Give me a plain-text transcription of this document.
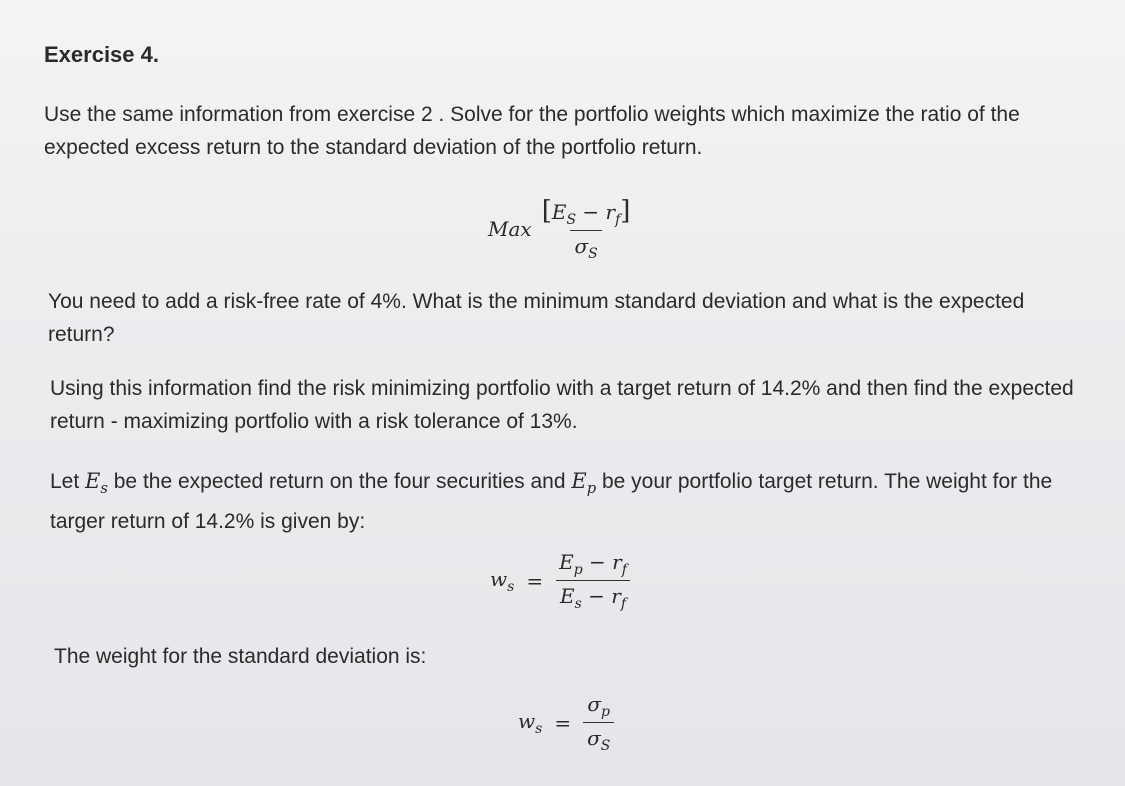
Exercise 4.

Use the same information from exercise 2 . Solve for the portfolio weights which maximize the ratio of the expected excess return to the standard deviation of the portfolio return.

Max $\frac{[E_S - r_f]}{\sigma_S}$

You need to add a risk-free rate of 4%. What is the minimum standard deviation and what is the expected return?

Using this information find the risk minimizing portfolio with a target return of 14.2% and then find the expected return - maximizing portfolio with a risk tolerance of 13%.

Let $E_s$ be the expected return on the four securities and $E_p$ be your portfolio target return. The weight for the targer return of 14.2% is given by:

$w_s = \frac{E_p - r_f}{E_s - r_f}$

The weight for the standard deviation is:

$w_s = \frac{\sigma_p}{\sigma_S}$
